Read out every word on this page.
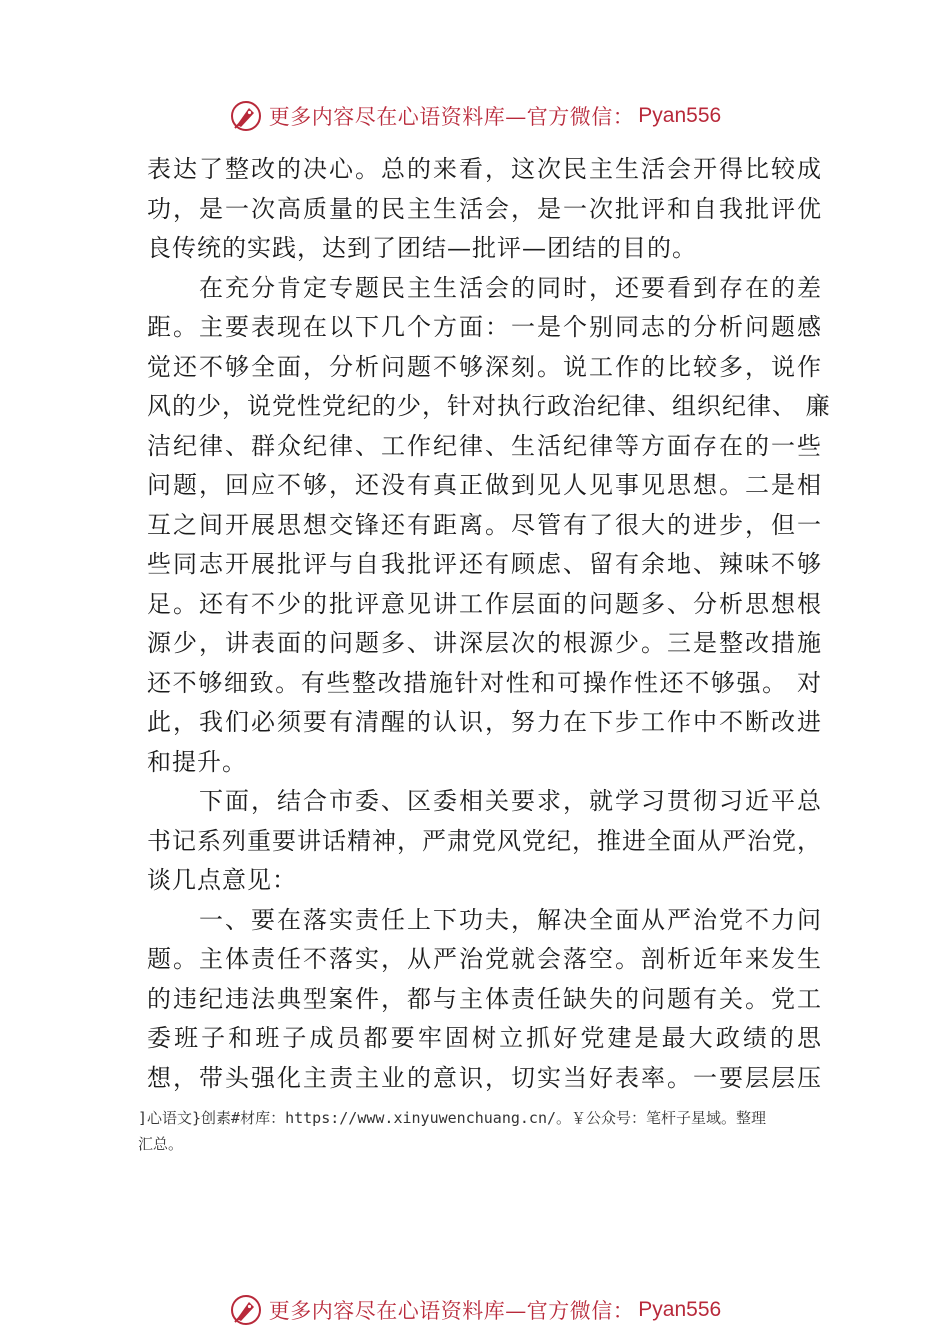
更多内容尽在心语资料库—官方微信： Pyan556
表达了整改的决心。总的来看，这次民主生活会开得比较成
功，是一次高质量的民主生活会，是一次批评和自我批评优
良传统的实践，达到了团结—批评—团结的目的。
　　在充分肯定专题民主生活会的同时，还要看到存在的差
距。主要表现在以下几个方面：一是个别同志的分析问题感
觉还不够全面，分析问题不够深刻。说工作的比较多，说作
风的少，说党性党纪的少，针对执行政治纪律、组织纪律、 廉
洁纪律、群众纪律、工作纪律、生活纪律等方面存在的一些
问题，回应不够，还没有真正做到见人见事见思想。二是相
互之间开展思想交锋还有距离。尽管有了很大的进步，但一
些同志开展批评与自我批评还有顾虑、留有余地、辣味不够
足。还有不少的批评意见讲工作层面的问题多、分析思想根
源少，讲表面的问题多、讲深层次的根源少。三是整改措施
还不够细致。有些整改措施针对性和可操作性还不够强。 对
此，我们必须要有清醒的认识，努力在下步工作中不断改进
和提升。
　　下面，结合市委、区委相关要求，就学习贯彻习近平总
书记系列重要讲话精神，严肃党风党纪，推进全面从严治党，
谈几点意见：
　　一、要在落实责任上下功夫，解决全面从严治党不力问
题。主体责任不落实，从严治党就会落空。剖析近年来发生
的违纪违法典型案件，都与主体责任缺失的问题有关。党工
委班子和班子成员都要牢固树立抓好党建是最大政绩的思
想，带头强化主责主业的意识，切实当好表率。一要层层压
]心语文}创素#材库：https://www.xinyuwenchuang.cn/。￥公众号：笔杆子星域。整理
汇总。
更多内容尽在心语资料库—官方微信： Pyan556
